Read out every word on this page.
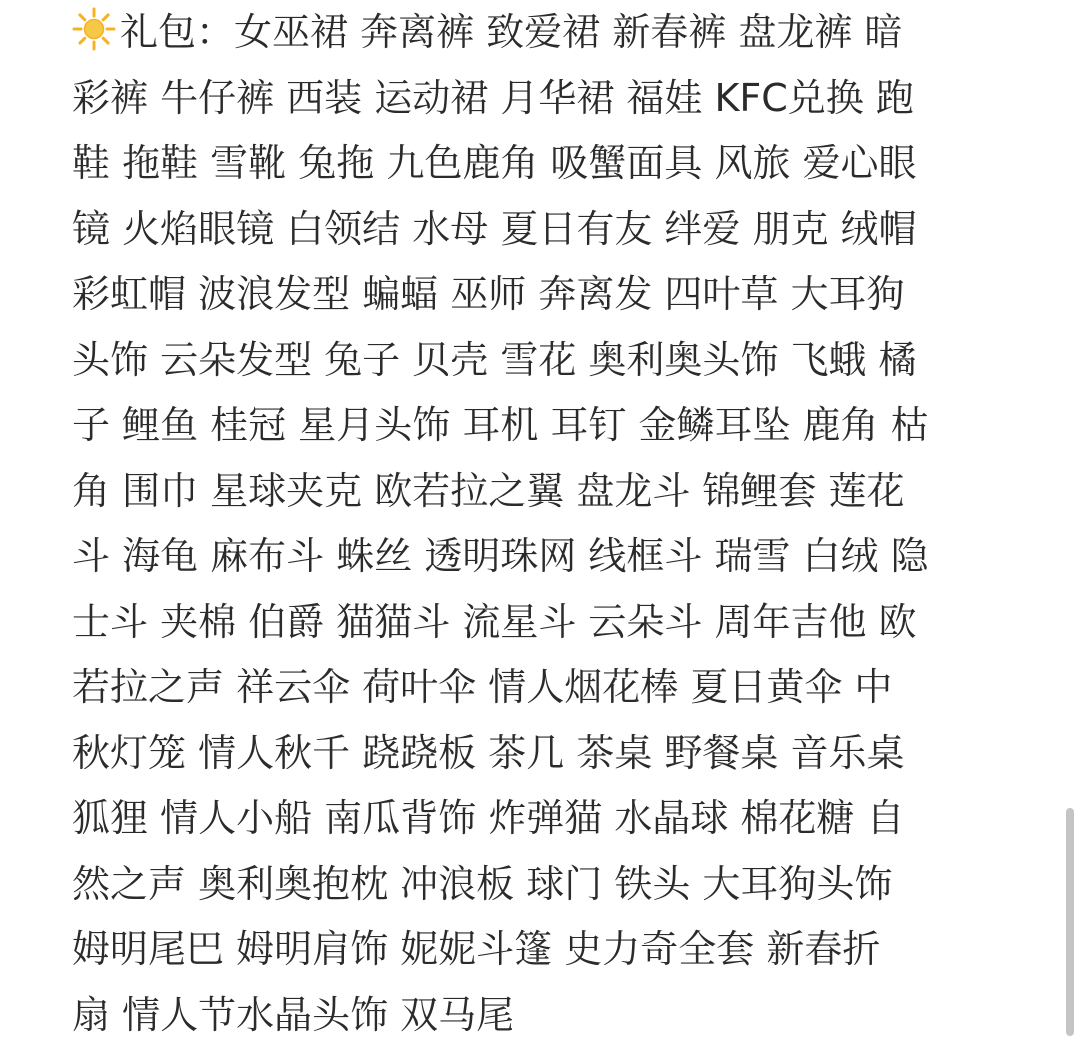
礼包：女巫裙 奔离裤 致爱裙 新春裤 盘龙裤 暗
彩裤 牛仔裤 西装 运动裙 月华裙 福娃 KFC兑换 跑
鞋 拖鞋 雪靴 兔拖 九色鹿角 吸蟹面具 风旅 爱心眼
镜 火焰眼镜 白领结 水母 夏日有友 绊爱 朋克 绒帽
彩虹帽 波浪发型 蝙蝠 巫师 奔离发 四叶草 大耳狗
头饰 云朵发型 兔子 贝壳 雪花 奥利奥头饰 飞蛾 橘
子 鲤鱼 桂冠 星月头饰 耳机 耳钉 金鳞耳坠 鹿角 枯
角 围巾 星球夹克 欧若拉之翼 盘龙斗 锦鲤套 莲花
斗 海龟 麻布斗 蛛丝 透明珠网 线框斗 瑞雪 白绒 隐
士斗 夹棉 伯爵 猫猫斗 流星斗 云朵斗 周年吉他 欧
若拉之声 祥云伞 荷叶伞 情人烟花棒 夏日黄伞 中
秋灯笼 情人秋千 跷跷板 茶几 茶桌 野餐桌 音乐桌
狐狸 情人小船 南瓜背饰 炸弹猫 水晶球 棉花糖 自
然之声 奥利奥抱枕 冲浪板 球门 铁头 大耳狗头饰
姆明尾巴 姆明肩饰 妮妮斗篷 史力奇全套 新春折
扇 情人节水晶头饰 双马尾
